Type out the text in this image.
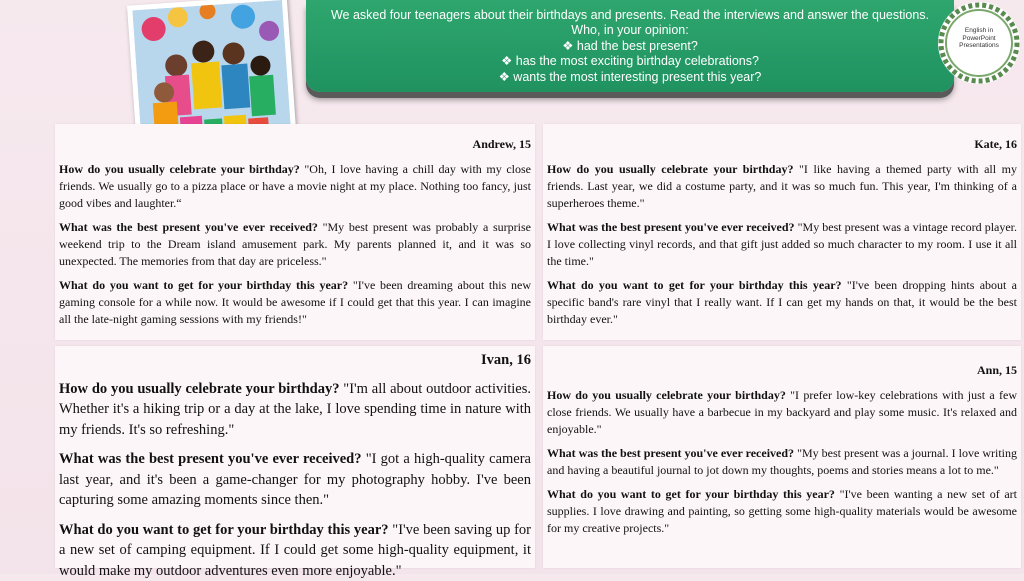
We asked four teenagers about their birthdays and presents. Read the interviews and answer the questions.
Who, in your opinion:
❖ had the best present?
❖ has the most exciting birthday celebrations?
❖ wants the most interesting present this year?
English in PowerPoint Presentations
Andrew, 15

How do you usually celebrate your birthday? "Oh, I love having a chill day with my close friends. We usually go to a pizza place or have a movie night at my place. Nothing too fancy, just good vibes and laughter.“

What was the best present you've ever received? "My best present was probably a surprise weekend trip to the Dream island amusement park. My parents planned it, and it was so unexpected. The memories from that day are priceless."

What do you want to get for your birthday this year? "I've been dreaming about this new gaming console for a while now. It would be awesome if I could get that this year. I can imagine all the late-night gaming sessions with my friends!"

Kate, 16

How do you usually celebrate your birthday? "I like having a themed party with all my friends. Last year, we did a costume party, and it was so much fun. This year, I'm thinking of a superheroes theme."

What was the best present you've ever received? "My best present was a vintage record player. I love collecting vinyl records, and that gift just added so much character to my room. I use it all the time."

What do you want to get for your birthday this year? "I've been dropping hints about a specific band's rare vinyl that I really want. If I can get my hands on that, it would be the best birthday ever."

Ivan, 16

How do you usually celebrate your birthday? "I'm all about outdoor activities. Whether it's a hiking trip or a day at the lake, I love spending time in nature with my friends. It's so refreshing."

What was the best present you've ever received? "I got a high-quality camera last year, and it's been a game-changer for my photography hobby. I've been capturing some amazing moments since then."

What do you want to get for your birthday this year? "I've been saving up for a new set of camping equipment. If I could get some high-quality equipment, it would make my outdoor adventures even more enjoyable."

Ann, 15

How do you usually celebrate your birthday? "I prefer low-key celebrations with just a few close friends. We usually have a barbecue in my backyard and play some music. It's relaxed and enjoyable."

What was the best present you've ever received? "My best present was a journal. I love writing and having a beautiful journal to jot down my thoughts, poems and stories means a lot to me."

What do you want to get for your birthday this year? "I've been wanting a new set of art supplies. I love drawing and painting, so getting some high-quality materials would be awesome for my creative projects."
